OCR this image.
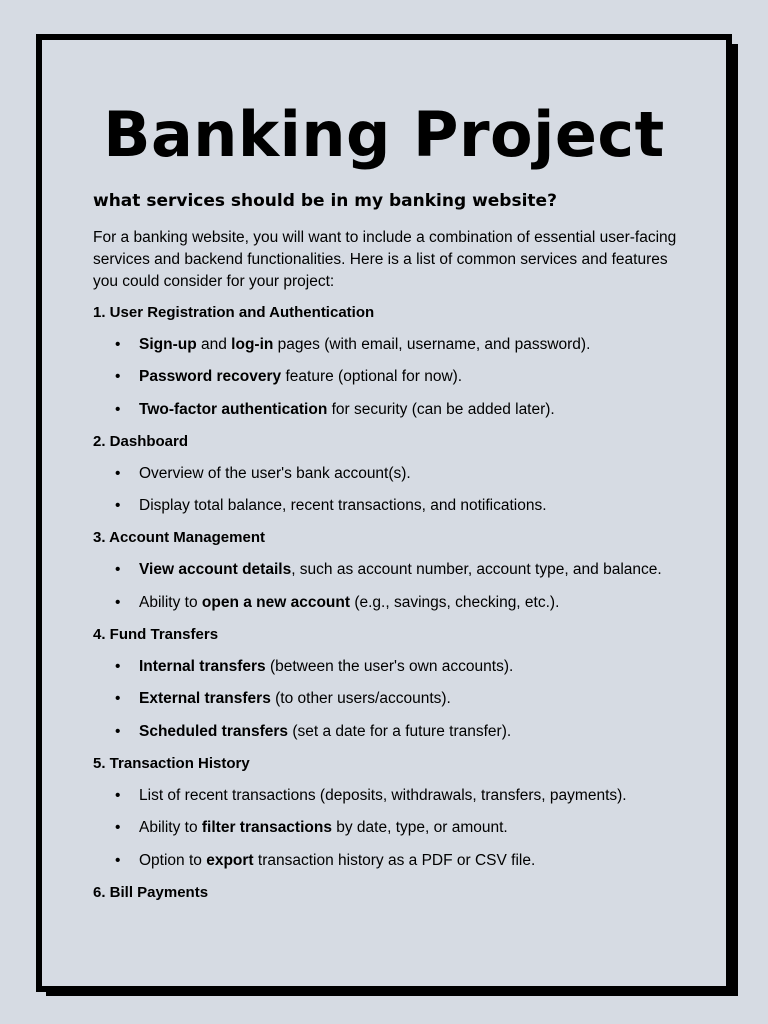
Banking Project

what services should be in my banking website?

For a banking website, you will want to include a combination of essential user-facing services and backend functionalities. Here is a list of common services and features you could consider for your project:

1. User Registration and Authentication

• Sign-up and log-in pages (with email, username, and password).
• Password recovery feature (optional for now).
• Two-factor authentication for security (can be added later).

2. Dashboard

• Overview of the user's bank account(s).
• Display total balance, recent transactions, and notifications.

3. Account Management

• View account details, such as account number, account type, and balance.
• Ability to open a new account (e.g., savings, checking, etc.).

4. Fund Transfers

• Internal transfers (between the user's own accounts).
• External transfers (to other users/accounts).
• Scheduled transfers (set a date for a future transfer).

5. Transaction History

• List of recent transactions (deposits, withdrawals, transfers, payments).
• Ability to filter transactions by date, type, or amount.
• Option to export transaction history as a PDF or CSV file.

6. Bill Payments
